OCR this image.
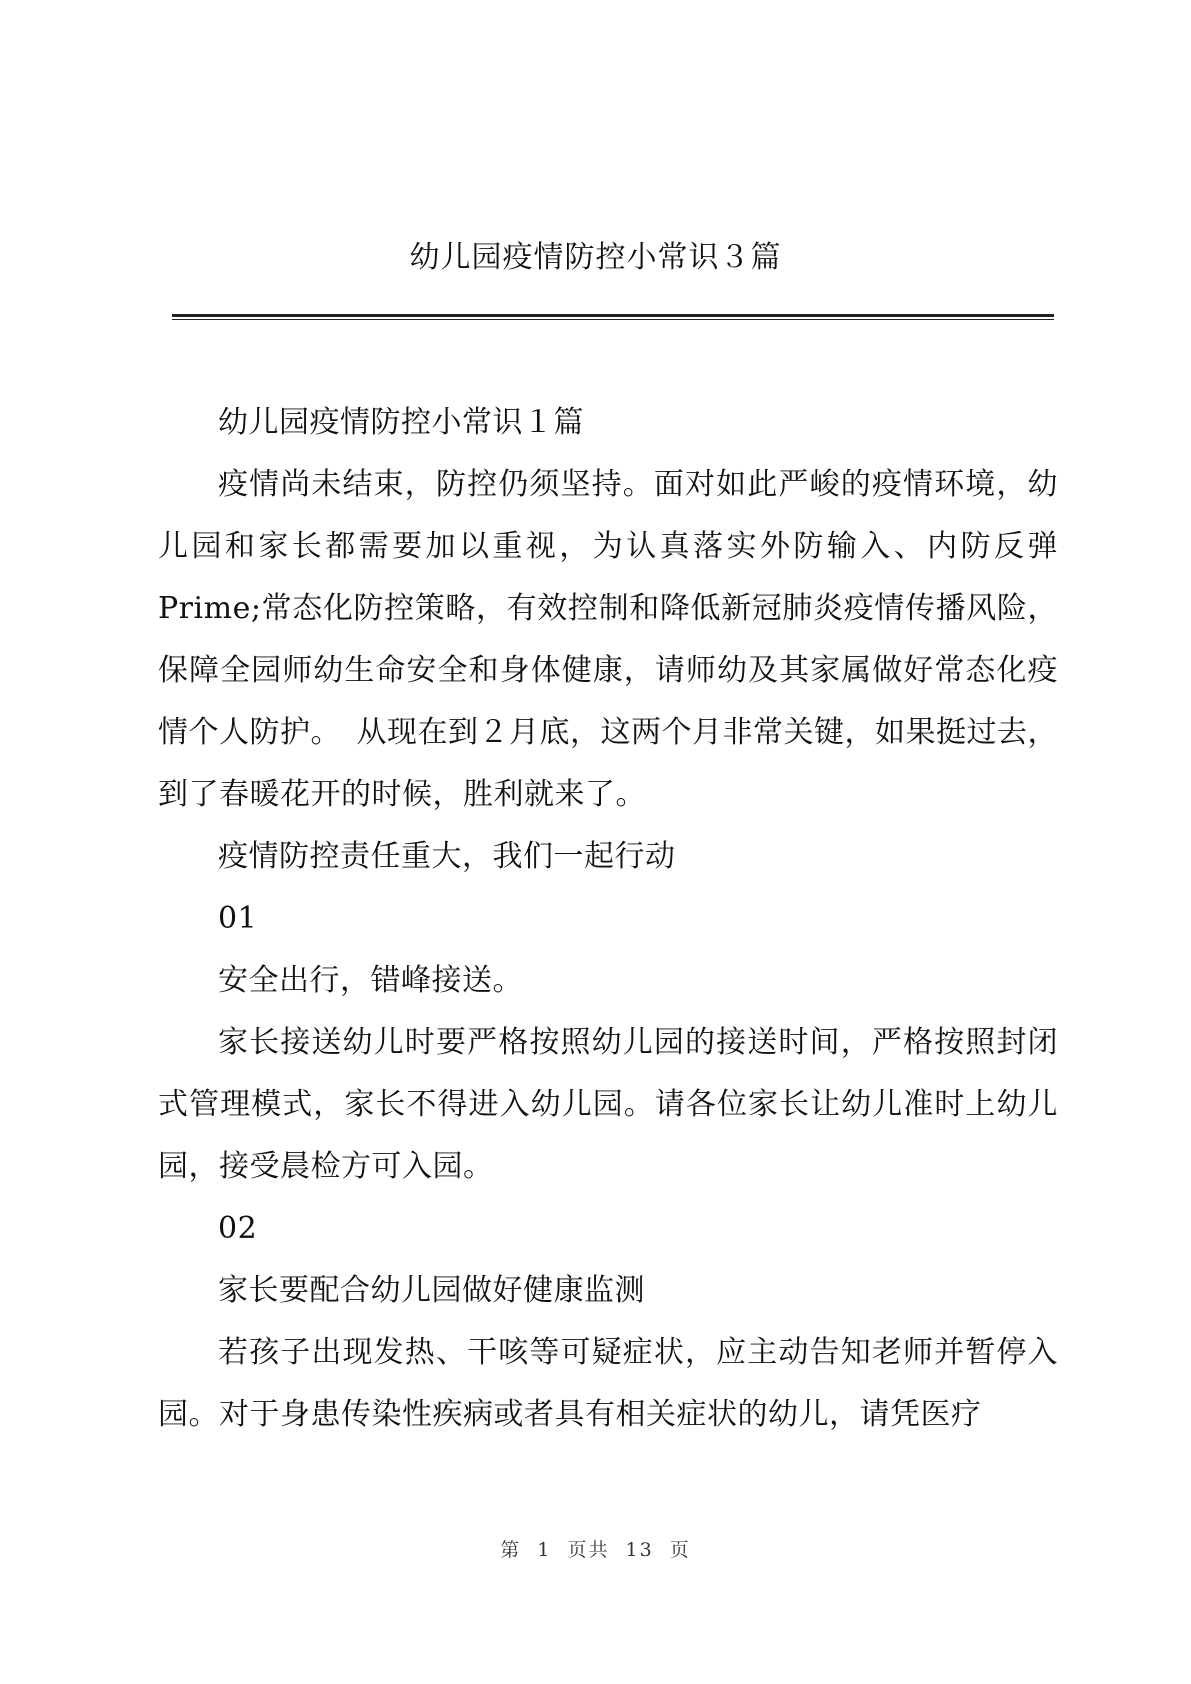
幼儿园疫情防控小常识３篇

幼儿园疫情防控小常识１篇

疫情尚未结束，防控仍须坚持。面对如此严峻的疫情环境，幼儿园和家长都需要加以重视，为认真落实外防输入、内防反弹Prime;常态化防控策略，有效控制和降低新冠肺炎疫情传播风险，保障全园师幼生命安全和身体健康，请师幼及其家属做好常态化疫情个人防护。　从现在到２月底，这两个月非常关键，如果挺过去，到了春暖花开的时候，胜利就来了。

疫情防控责任重大，我们一起行动

01

安全出行，错峰接送。

家长接送幼儿时要严格按照幼儿园的接送时间，严格按照封闭式管理模式，家长不得进入幼儿园。请各位家长让幼儿准时上幼儿园，接受晨检方可入园。

02

家长要配合幼儿园做好健康监测

若孩子出现发热、干咳等可疑症状，应主动告知老师并暂停入园。对于身患传染性疾病或者具有相关症状的幼儿，请凭医疗

第 1 页共 13 页
